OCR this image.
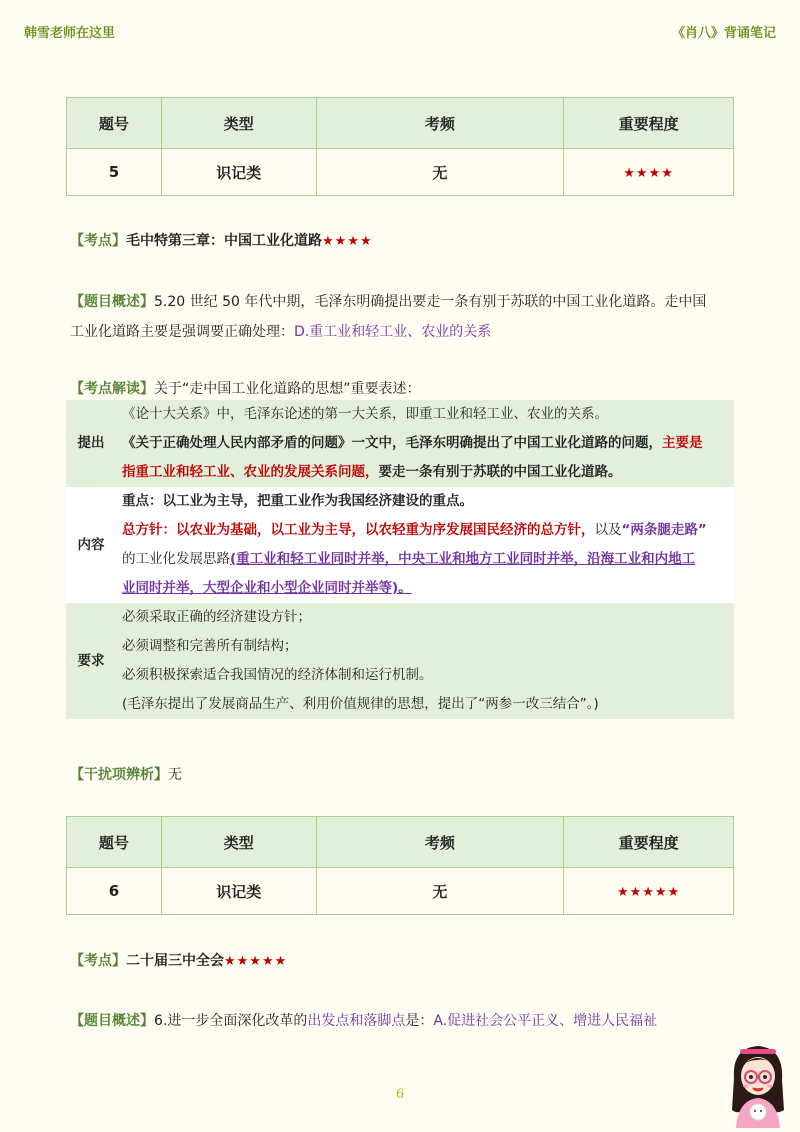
韩雪老师在这里	《肖八》背诵笔记
题号	类型	考频	重要程度
5	识记类	无	★★★★
【考点】毛中特第三章：中国工业化道路★★★★
【题目概述】5.20 世纪 50 年代中期，毛泽东明确提出要走一条有别于苏联的中国工业化道路。走中国
工业化道路主要是强调要正确处理：D.重工业和轻工业、农业的关系
【考点解读】关于“走中国工业化道路的思想”重要表述：
提出	《论十大关系》中，毛泽东论述的第一大关系，即重工业和轻工业、农业的关系。
《关于正确处理人民内部矛盾的问题》一文中，毛泽东明确提出了中国工业化道路的问题，主要是
指重工业和轻工业、农业的发展关系问题，要走一条有别于苏联的中国工业化道路。

内容	重点：以工业为主导，把重工业作为我国经济建设的重点。
总方针：以农业为基础，以工业为主导，以农轻重为序发展国民经济的总方针，以及“两条腿走路”
的工业化发展思路(重工业和轻工业同时并举，中央工业和地方工业同时并举，沿海工业和内地工
业同时并举，大型企业和小型企业同时并举等)。

要求	必须采取正确的经济建设方针；
必须调整和完善所有制结构；
必须积极探索适合我国情况的经济体制和运行机制。
(毛泽东提出了发展商品生产、利用价值规律的思想，提出了“两参一改三结合”。)
【干扰项辨析】无
题号	类型	考频	重要程度
6	识记类	无	★★★★★
【考点】二十届三中全会★★★★★
【题目概述】6.进一步全面深化改革的出发点和落脚点是：A.促进社会公平正义、增进人民福祉
6
